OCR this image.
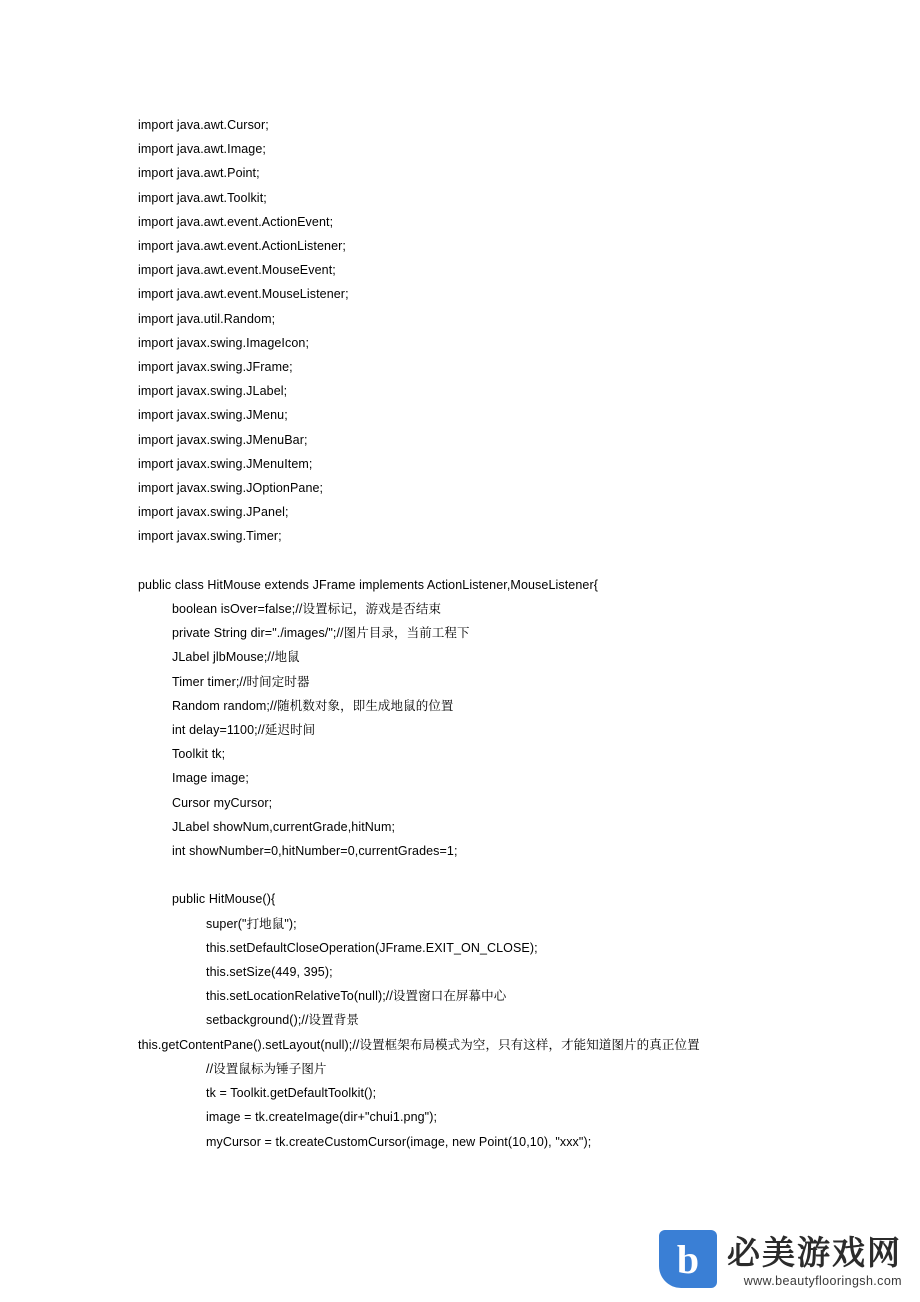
import java.awt.Cursor;
import java.awt.Image;
import java.awt.Point;
import java.awt.Toolkit;
import java.awt.event.ActionEvent;
import java.awt.event.ActionListener;
import java.awt.event.MouseEvent;
import java.awt.event.MouseListener;
import java.util.Random;
import javax.swing.ImageIcon;
import javax.swing.JFrame;
import javax.swing.JLabel;
import javax.swing.JMenu;
import javax.swing.JMenuBar;
import javax.swing.JMenuItem;
import javax.swing.JOptionPane;
import javax.swing.JPanel;
import javax.swing.Timer;
public class HitMouse extends JFrame implements ActionListener,MouseListener{
boolean isOver=false;//设置标记，游戏是否结束
private String dir="./images/";//图片目录，当前工程下
JLabel jlbMouse;//地鼠
Timer timer;//时间定时器
Random random;//随机数对象，即生成地鼠的位置
int delay=1100;//延迟时间
Toolkit tk;
Image image;
Cursor myCursor;
JLabel showNum,currentGrade,hitNum;
int showNumber=0,hitNumber=0,currentGrades=1;
public HitMouse(){
super("打地鼠");
this.setDefaultCloseOperation(JFrame.EXIT_ON_CLOSE);
this.setSize(449, 395);
this.setLocationRelativeTo(null);//设置窗口在屏幕中心
setbackground();//设置背景
this.getContentPane().setLayout(null);//设置框架布局模式为空，只有这样，才能知道图片的真正位置
//设置鼠标为锤子图片
tk = Toolkit.getDefaultToolkit();
image = tk.createImage(dir+"chui1.png");
myCursor = tk.createCustomCursor(image, new Point(10,10), "xxx");
b 必美游戏网
www.beautyflooringsh.com
